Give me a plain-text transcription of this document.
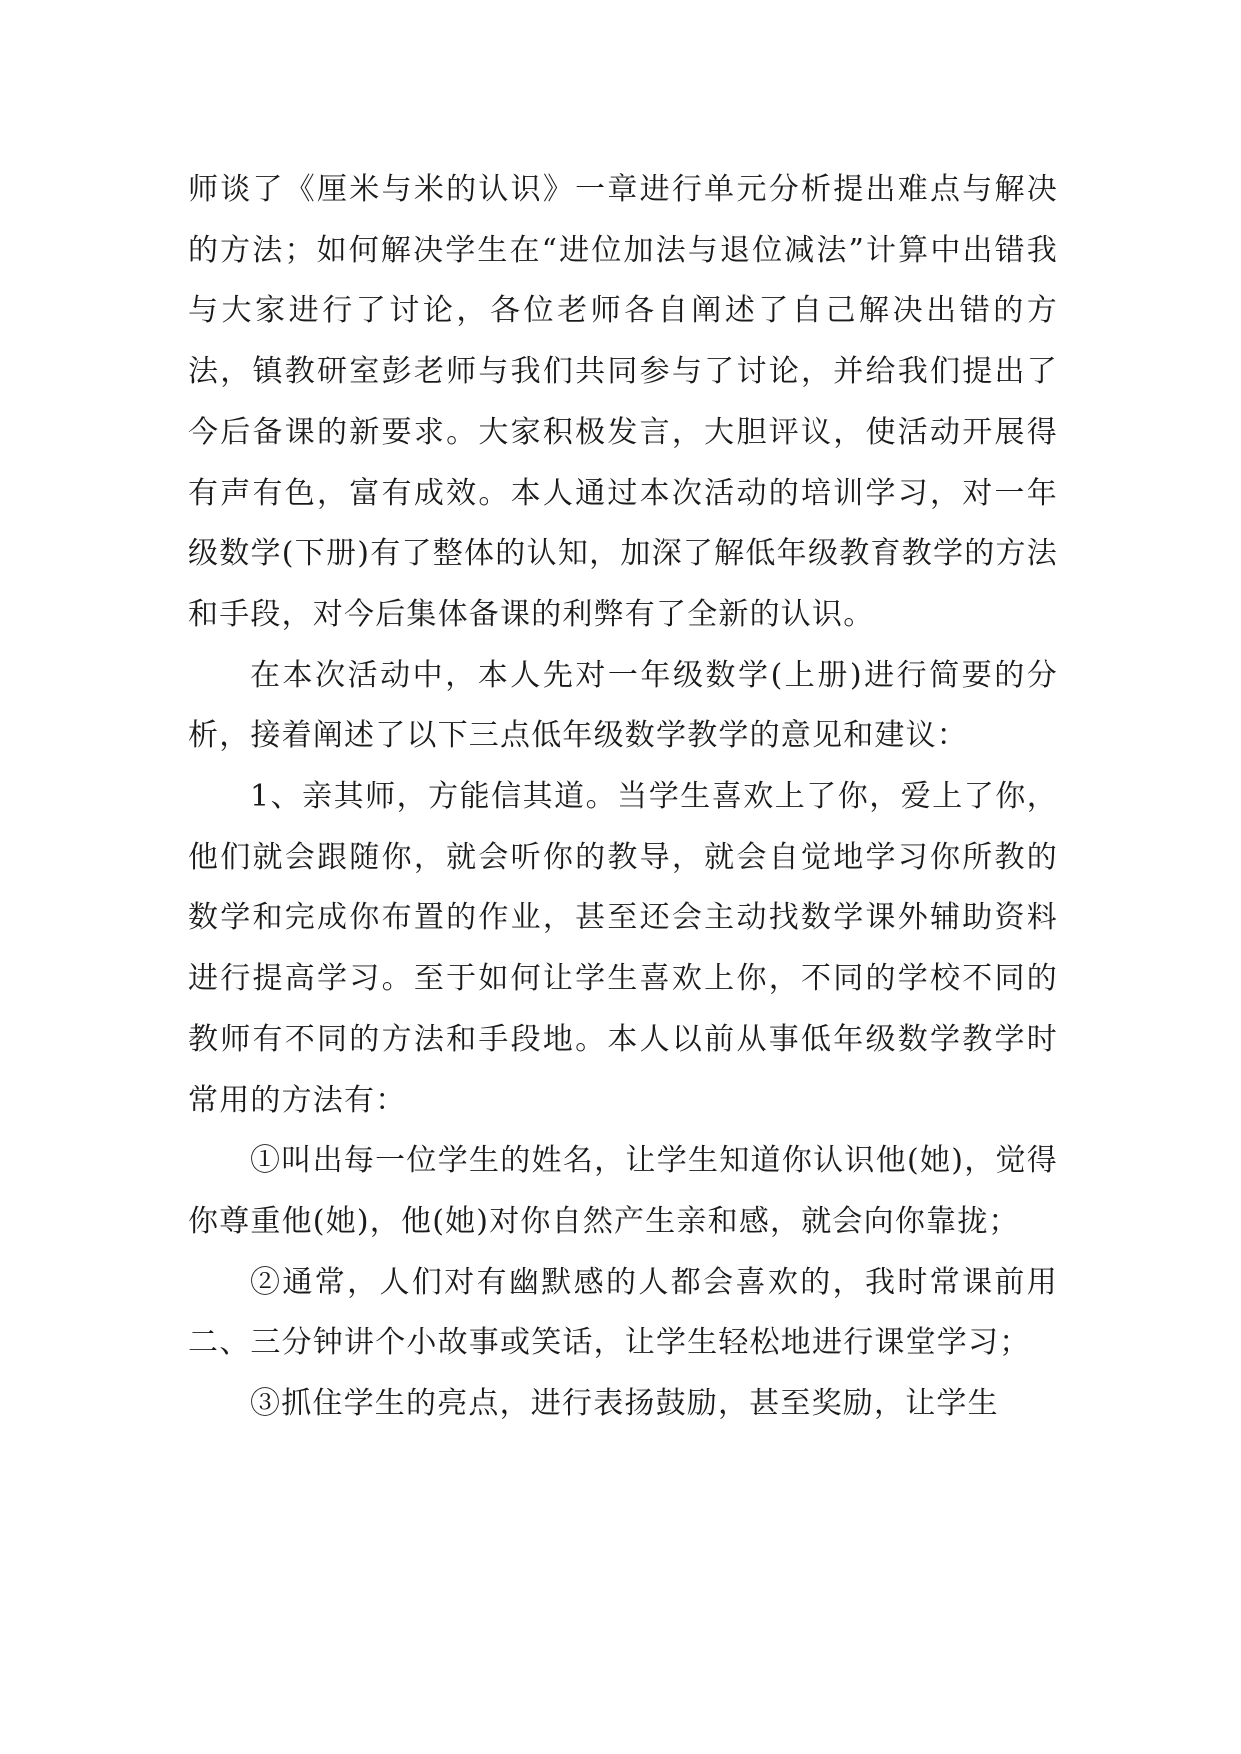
师谈了《厘米与米的认识》一章进行单元分析提出难点与解决的方法；如何解决学生在“进位加法与退位减法”计算中出错我与大家进行了讨论，各位老师各自阐述了自己解决出错的方法，镇教研室彭老师与我们共同参与了讨论，并给我们提出了今后备课的新要求。大家积极发言，大胆评议，使活动开展得有声有色，富有成效。本人通过本次活动的培训学习，对一年级数学(下册)有了整体的认知，加深了解低年级教育教学的方法和手段，对今后集体备课的利弊有了全新的认识。

在本次活动中，本人先对一年级数学(上册)进行简要的分析，接着阐述了以下三点低年级数学教学的意见和建议：

1、亲其师，方能信其道。当学生喜欢上了你，爱上了你，他们就会跟随你，就会听你的教导，就会自觉地学习你所教的数学和完成你布置的作业，甚至还会主动找数学课外辅助资料进行提高学习。至于如何让学生喜欢上你，不同的学校不同的教师有不同的方法和手段地。本人以前从事低年级数学教学时常用的方法有：

①叫出每一位学生的姓名，让学生知道你认识他(她)，觉得你尊重他(她)，他(她)对你自然产生亲和感，就会向你靠拢；

②通常，人们对有幽默感的人都会喜欢的，我时常课前用二、三分钟讲个小故事或笑话，让学生轻松地进行课堂学习；

③抓住学生的亮点，进行表扬鼓励，甚至奖励，让学生
